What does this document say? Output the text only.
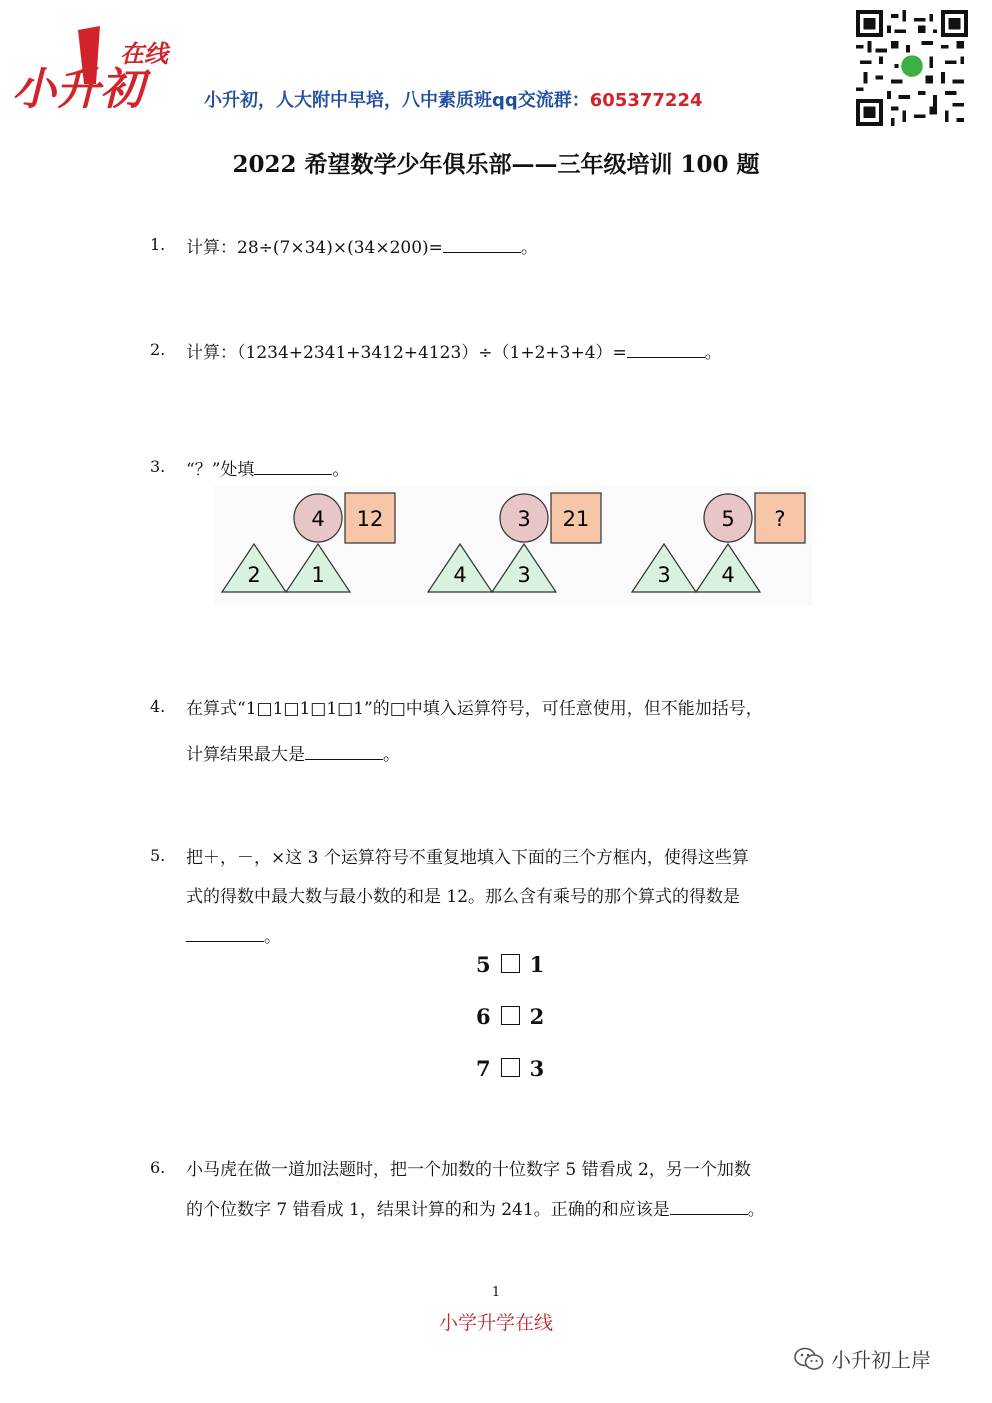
小升初
在线
小升初，人大附中早培，八中素质班qq交流群：605377224
2022 希望数学少年俱乐部——三年级培训 100 题
1. 计算：28÷(7×34)×(34×200)=	。
2. 计算：（1234+2341+3412+4123）÷（1+2+3+4）=	。
3. “？”处填	。
2 1
4 12
4 3
3 21
3 4
5 ?
4. 在算式“1□1□1□1□1”的□中填入运算符号，可任意使用，但不能加括号，
计算结果最大是	。
5. 把＋，－，×这 3 个运算符号不重复地填入下面的三个方框内，使得这些算
式的得数中最大数与最小数的和是 12。那么含有乘号的那个算式的得数是
。
5 1
6 2
7 3
6. 小马虎在做一道加法题时，把一个加数的十位数字 5 错看成 2，另一个加数
的个位数字 7 错看成 1，结果计算的和为 241。正确的和应该是	。
1
小学升学在线
小升初上岸
